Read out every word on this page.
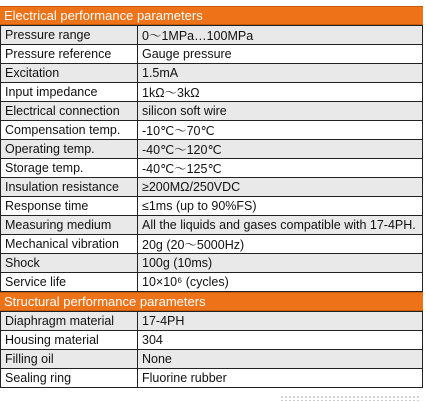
Electrical performance parameters
Pressure range	0～1MPa…100MPa
Pressure reference	Gauge pressure
Excitation	1.5mA
Input impedance	1kΩ～3kΩ
Electrical connection	silicon soft wire
Compensation temp.	-10℃～70℃
Operating temp.	-40℃～120℃
Storage temp.	-40℃～125℃
Insulation resistance	≥200MΩ/250VDC
Response time	≤1ms (up to 90%FS)
Measuring medium	All the liquids and gases compatible with 17-4PH.
Mechanical vibration	20g (20～5000Hz)
Shock	100g (10ms)
Service life	10×10⁶ (cycles)
Structural performance parameters
Diaphragm material	17-4PH
Housing material	304
Filling oil	None
Sealing ring	Fluorine rubber
